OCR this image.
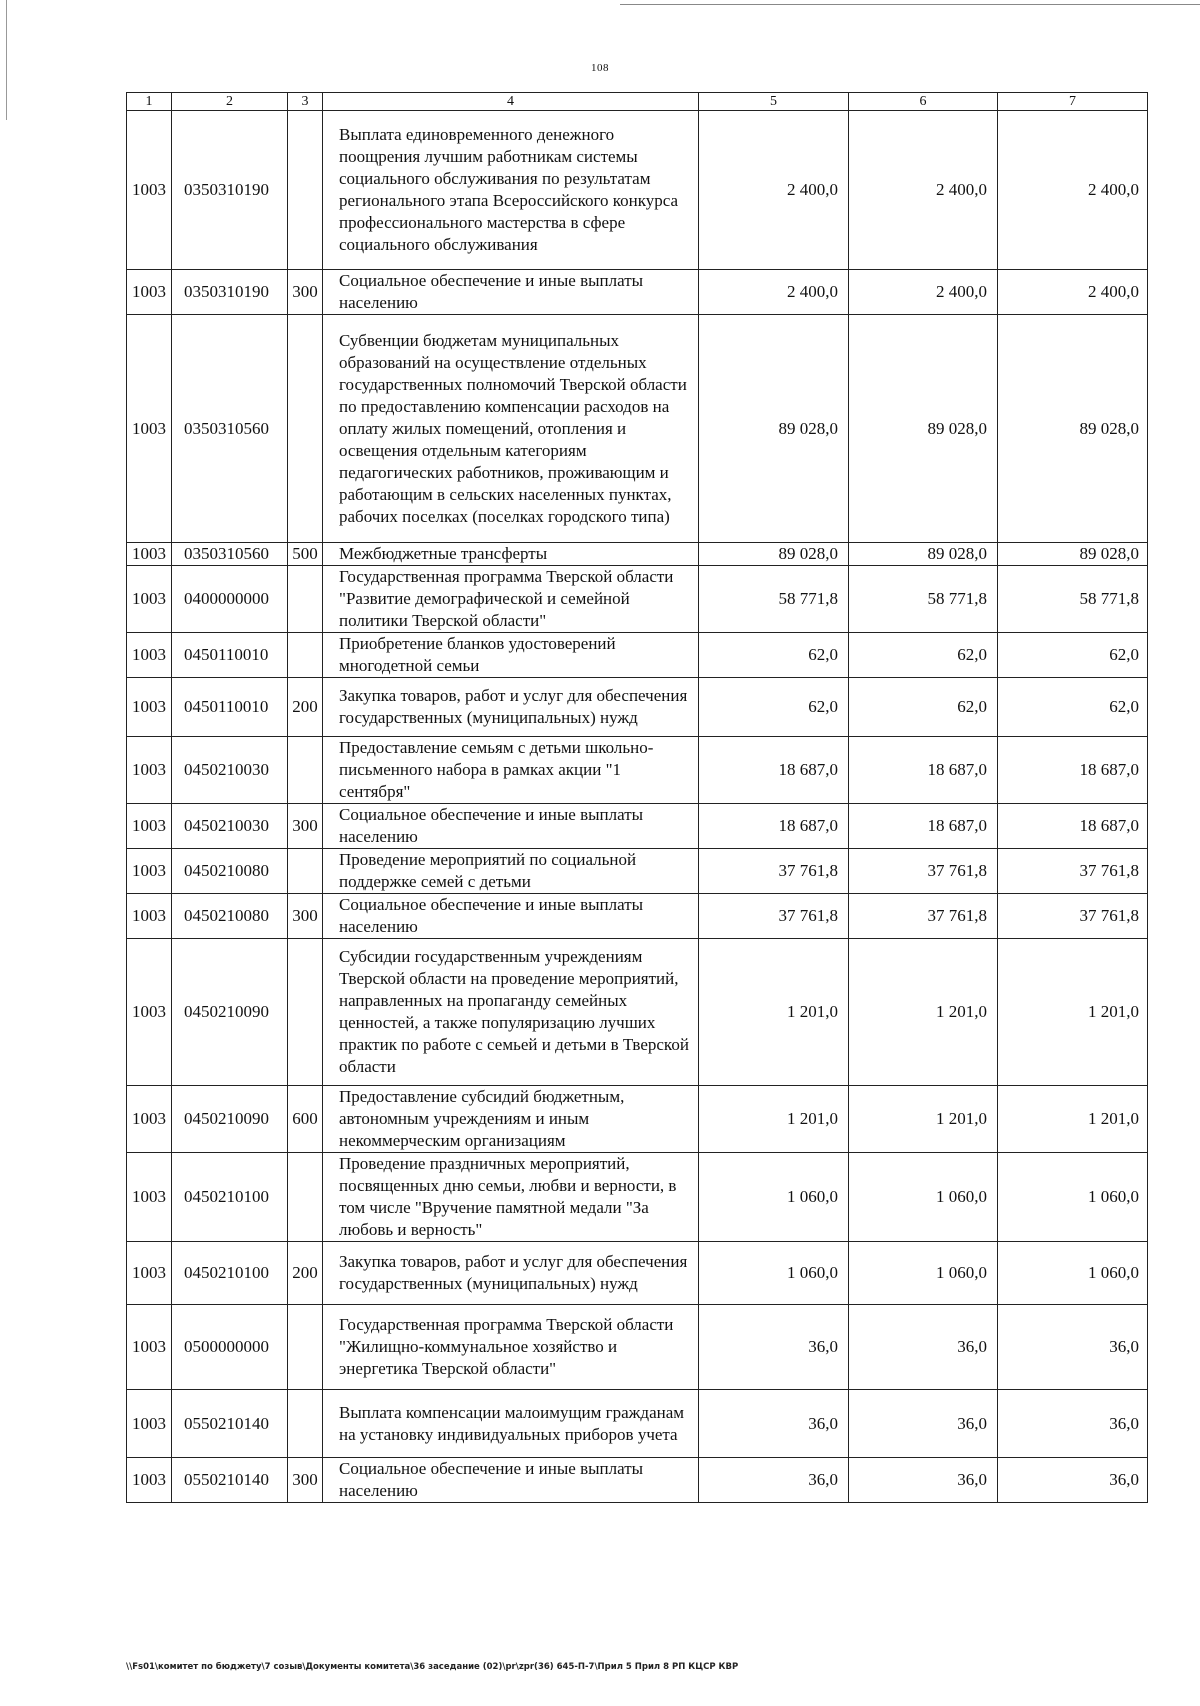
108
1	2	3	4	5	6	7
1003	0350310190		Выплата единовременного денежного поощрения лучшим работникам системы социального обслуживания по результатам регионального этапа Всероссийского конкурса профессионального мастерства в сфере социального обслуживания	2 400,0	2 400,0	2 400,0
1003	0350310190	300	Социальное обеспечение и иные выплаты населению	2 400,0	2 400,0	2 400,0
1003	0350310560		Субвенции бюджетам муниципальных образований на осуществление отдельных государственных полномочий Тверской области по предоставлению компенсации расходов на оплату жилых помещений, отопления и освещения отдельным категориям педагогических работников, проживающим и работающим в сельских населенных пунктах, рабочих поселках (поселках городского типа)	89 028,0	89 028,0	89 028,0
1003	0350310560	500	Межбюджетные трансферты	89 028,0	89 028,0	89 028,0
1003	0400000000		Государственная программа Тверской области "Развитие демографической и семейной политики Тверской области"	58 771,8	58 771,8	58 771,8
1003	0450110010		Приобретение бланков удостоверений многодетной семьи	62,0	62,0	62,0
1003	0450110010	200	Закупка товаров, работ и услуг для обеспечения государственных (муниципальных) нужд	62,0	62,0	62,0
1003	0450210030		Предоставление семьям с детьми школьно-письменного набора в рамках акции "1 сентября"	18 687,0	18 687,0	18 687,0
1003	0450210030	300	Социальное обеспечение и иные выплаты населению	18 687,0	18 687,0	18 687,0
1003	0450210080		Проведение мероприятий по социальной поддержке семей с детьми	37 761,8	37 761,8	37 761,8
1003	0450210080	300	Социальное обеспечение и иные выплаты населению	37 761,8	37 761,8	37 761,8
1003	0450210090		Субсидии государственным учреждениям Тверской области на проведение мероприятий, направленных на пропаганду семейных ценностей, а также популяризацию лучших практик по работе с семьей и детьми в Тверской области	1 201,0	1 201,0	1 201,0
1003	0450210090	600	Предоставление субсидий бюджетным, автономным учреждениям и иным некоммерческим организациям	1 201,0	1 201,0	1 201,0
1003	0450210100		Проведение праздничных мероприятий, посвященных дню семьи, любви и верности, в том числе "Вручение памятной медали "За любовь и верность"	1 060,0	1 060,0	1 060,0
1003	0450210100	200	Закупка товаров, работ и услуг для обеспечения государственных (муниципальных) нужд	1 060,0	1 060,0	1 060,0
1003	0500000000		Государственная программа Тверской области "Жилищно-коммунальное хозяйство и энергетика Тверской области"	36,0	36,0	36,0
1003	0550210140		Выплата компенсации малоимущим гражданам на установку индивидуальных приборов учета	36,0	36,0	36,0
1003	0550210140	300	Социальное обеспечение и иные выплаты населению	36,0	36,0	36,0
\\Fs01\комитет по бюджету\7 созыв\Документы комитета\36 заседание (02)\pr\zpr(36) 645-П-7\Прил 5 Прил 8 РП КЦСР КВР
